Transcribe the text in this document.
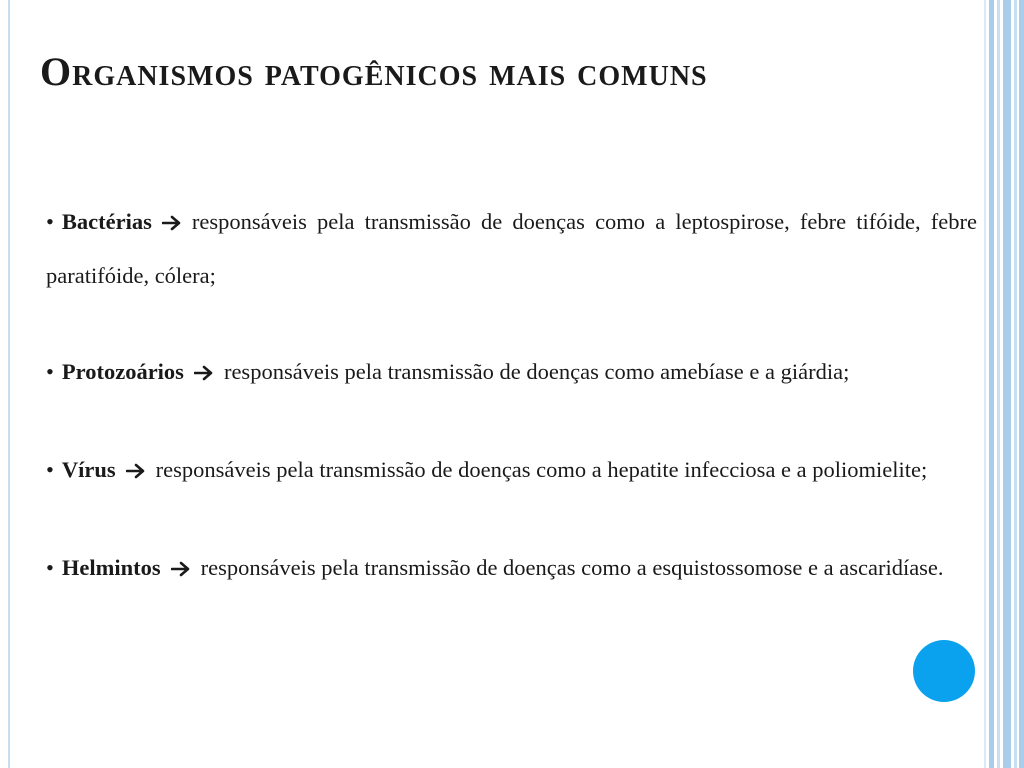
Organismos patogênicos mais comuns

• Bactérias responsáveis pela transmissão de doenças como a leptospirose, febre tifóide, febre paratifóide, cólera;

• Protozoários responsáveis pela transmissão de doenças como amebíase e a giárdia;

• Vírus responsáveis pela transmissão de doenças como a hepatite infecciosa e a poliomielite;

• Helmintos responsáveis pela transmissão de doenças como a esquistossomose e a ascaridíase.
